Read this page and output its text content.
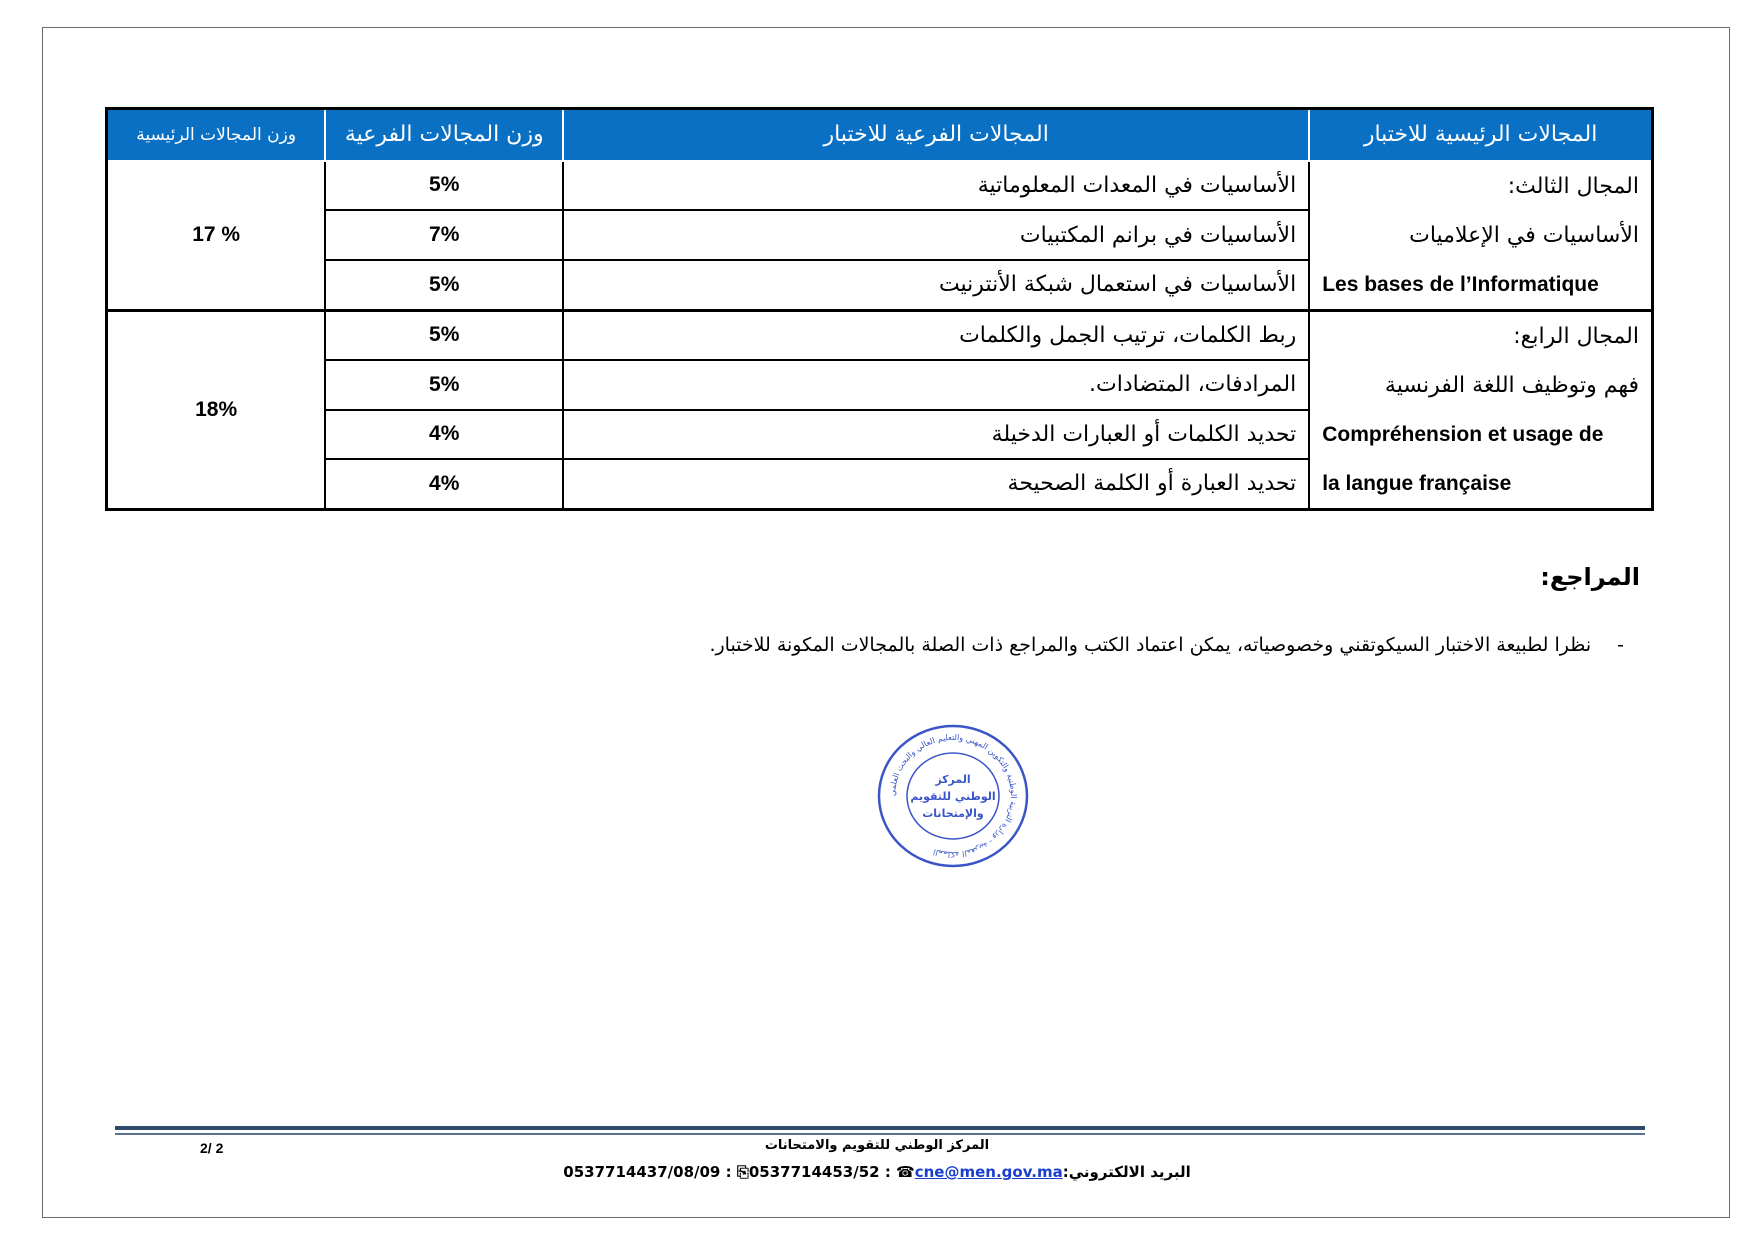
المجالات الرئيسية للاختبار	المجالات الفرعية للاختبار	وزن المجالات الفرعية	وزن المجالات الرئيسية

المجال الثالث:
الأساسيات في الإعلاميات
Les bases de l’Informatique	الأساسيات في المعدات المعلوماتية	5%	17 %
	الأساسيات في برانم المكتبيات	7%	
	الأساسيات في استعمال شبكة الأنترنيت	5%	

المجال الرابع:
فهم وتوظيف اللغة الفرنسية
Compréhension et usage de
la langue française	ربط الكلمات، ترتيب الجمل والكلمات	5%	18%
	المرادفات، المتضادات.	5%	
	تحديد الكلمات أو العبارات الدخيلة	4%	
	تحديد العبارة أو الكلمة الصحيحة	4%	
المراجع:
-نظرا لطبيعة الاختبار السيكوتقني وخصوصياته، يمكن اعتماد الكتب والمراجع ذات الصلة بالمجالات المكونة للاختبار.
المملكة المغربية - وزارة التربية الوطنية والتكوين المهني والتعليم العالي والبحث العلمي
المركز
الوطني للتقويم
والإمتحانات
2/ 2	المركز الوطني للتقويم والامتحانات
0537714437/08/09 : ⎘0537714453/52 : ☎cne@men.gov.maالبريد الالكتروني:
